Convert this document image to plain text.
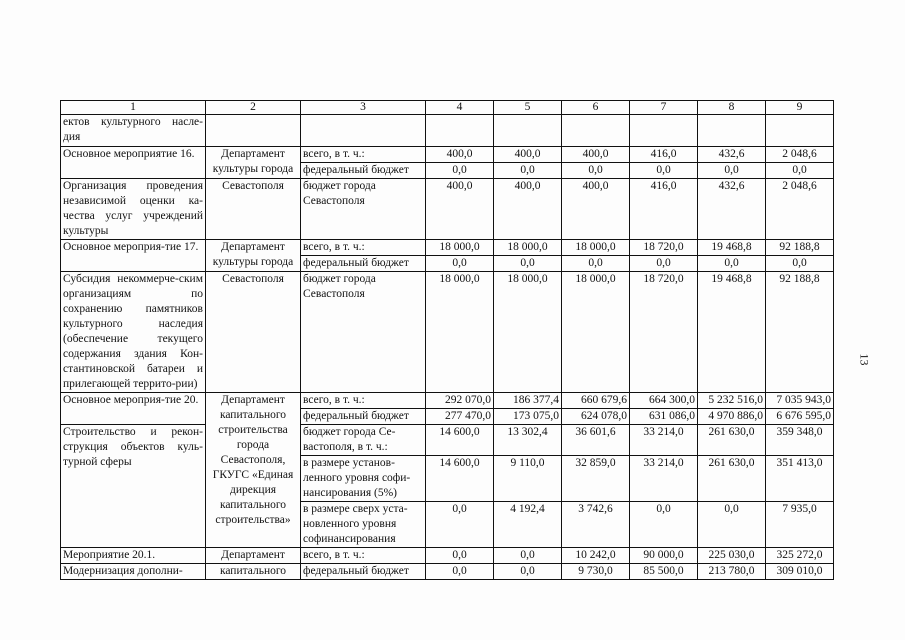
1	2	3	4	5	6	7	8	9
ектов культурного насле-дия								
Основное мероприятие 16.	Департамент культуры города	всего, в т. ч.:	400,0	400,0	400,0	416,0	432,6	2 048,6
		федеральный бюджет	0,0	0,0	0,0	0,0	0,0	0,0
Организация проведения независимой оценки ка-чества услуг учреждений культуры	Севастополя	бюджет города Севастополя	400,0	400,0	400,0	416,0	432,6	2 048,6
Основное мероприя-тие 17.	Департамент культуры города	всего, в т. ч.:	18 000,0	18 000,0	18 000,0	18 720,0	19 468,8	92 188,8
		федеральный бюджет	0,0	0,0	0,0	0,0	0,0	0,0
Субсидия некоммерче-ским организациям по сохранению памятников культурного наследия (обеспечение текущего содержания здания Кон-стантиновской батареи и прилегающей террито-рии)	Севастополя	бюджет города Севастополя	18 000,0	18 000,0	18 000,0	18 720,0	19 468,8	92 188,8
Основное мероприя-тие 20.	Департамент капитального строительства города Севастополя, ГКУГС «Единая дирекция капитального строительства»	всего, в т. ч.:	292 070,0	186 377,4	660 679,6	664 300,0	5 232 516,0	7 035 943,0
		федеральный бюджет	277 470,0	173 075,0	624 078,0	631 086,0	4 970 886,0	6 676 595,0
Строительство и рекон-струкция объектов куль-турной сферы		бюджет города Се-вастополя, в т. ч.:	14 600,0	13 302,4	36 601,6	33 214,0	261 630,0	359 348,0
		в размере установ-ленного уровня софи-нансирования (5%)	14 600,0	9 110,0	32 859,0	33 214,0	261 630,0	351 413,0
		в размере сверх уста-новленного уровня софинансирования	0,0	4 192,4	3 742,6	0,0	0,0	7 935,0
Мероприятие 20.1.	Департамент	всего, в т. ч.:	0,0	0,0	10 242,0	90 000,0	225 030,0	325 272,0
Модернизация дополни-	капитального	федеральный бюджет	0,0	0,0	9 730,0	85 500,0	213 780,0	309 010,0
13
